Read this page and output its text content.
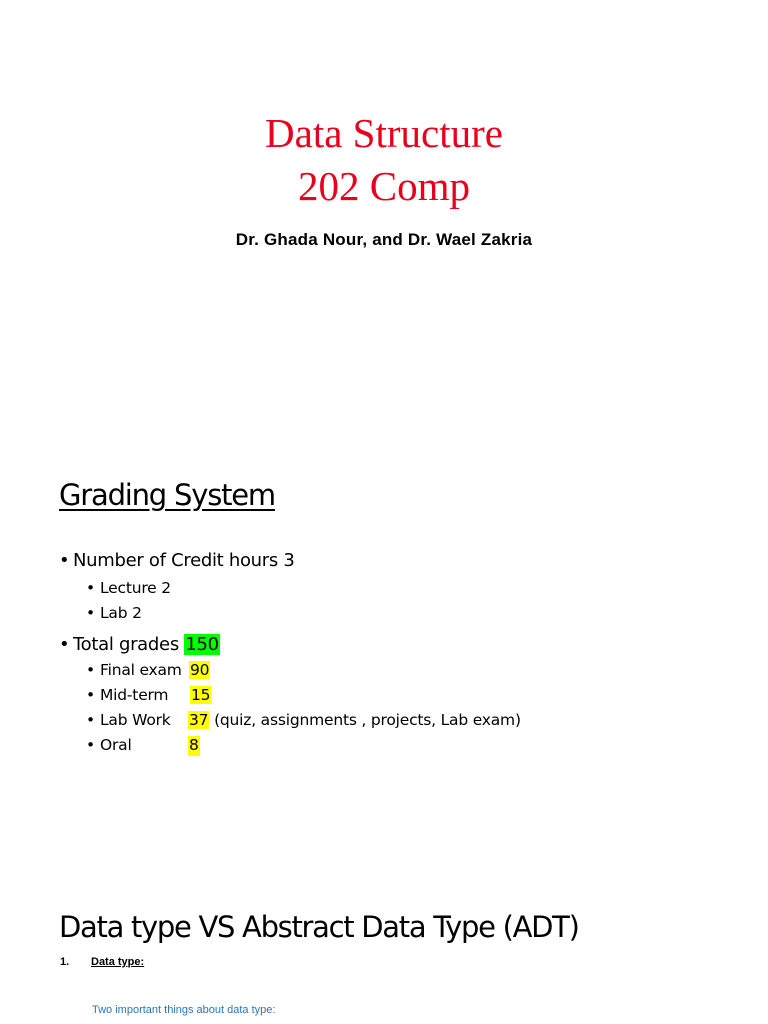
Data Structure
202 Comp
Dr. Ghada Nour, and Dr. Wael Zakria
Grading System
• Number of Credit hours 3
• Lecture 2
• Lab 2
• Total grades 150
• Final exam 90
• Mid-term 15
• Lab Work 37 (quiz, assignments , projects, Lab exam)
• Oral	8
Data type VS Abstract Data Type (ADT)
1. Data type:
Two important things about data type:
